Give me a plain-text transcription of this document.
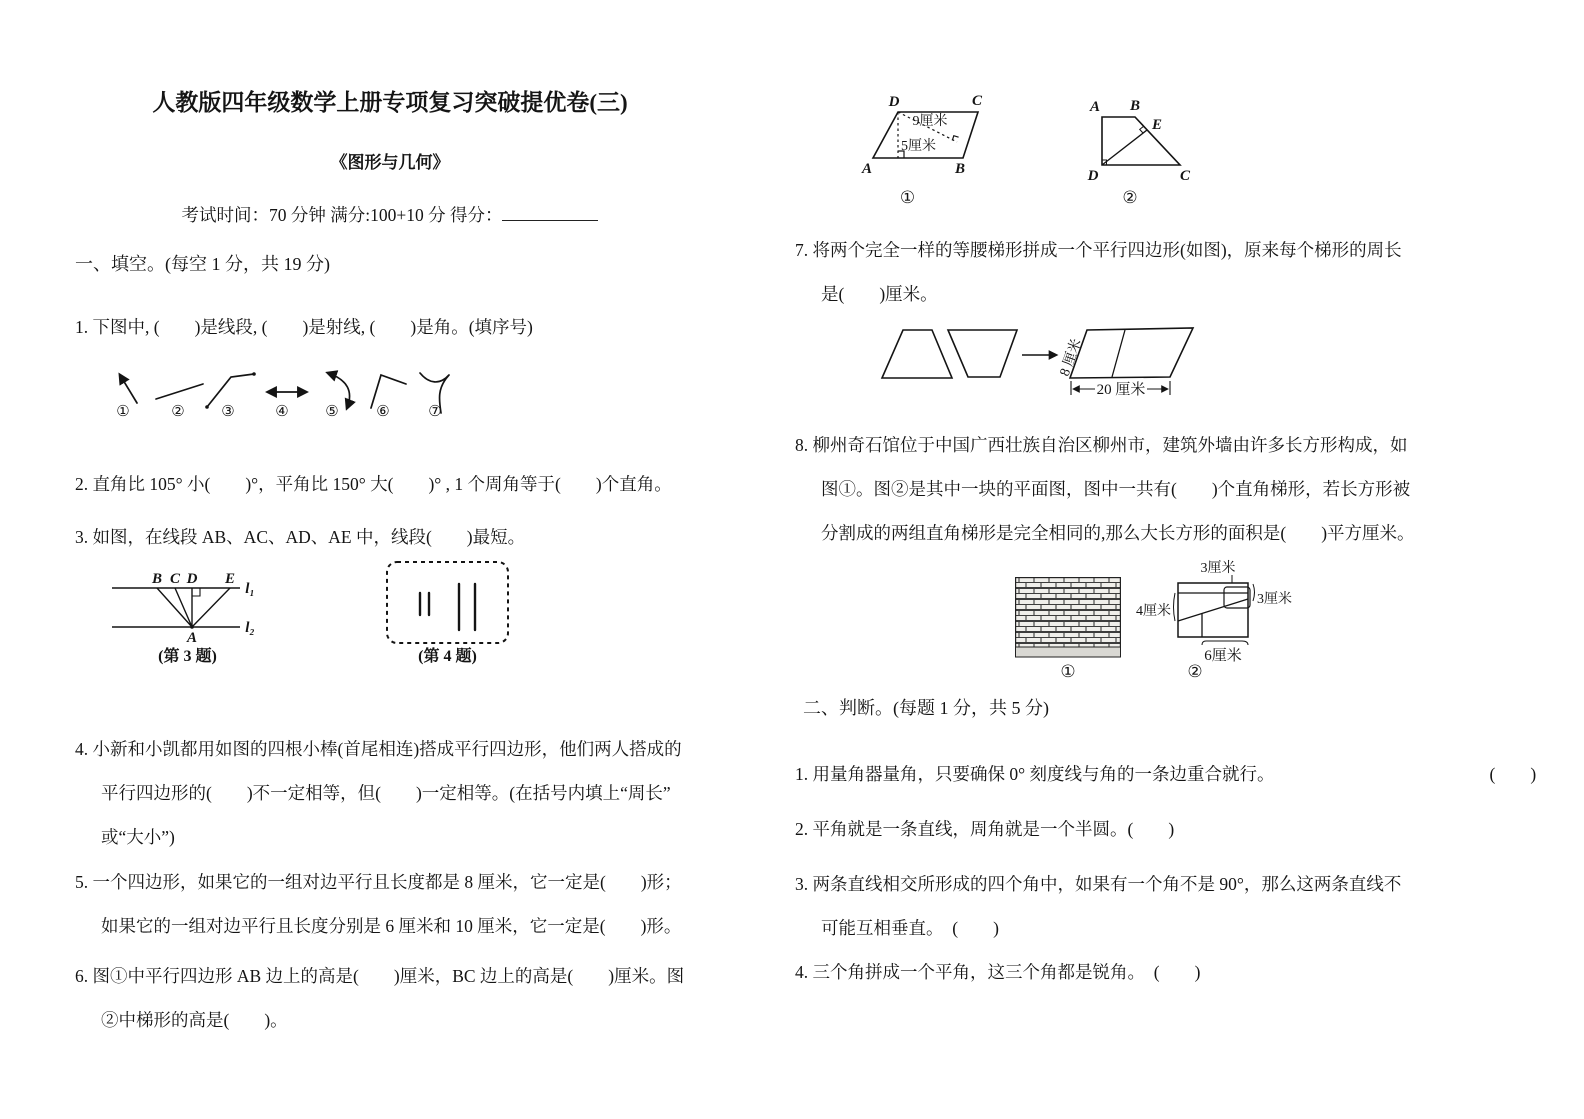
人教版四年级数学上册专项复习突破提优卷(三)
《图形与几何》
考试时间：70 分钟 满分:100+10 分 得分：
一、填空。(每空 1 分，共 19 分)
1. 下图中, (　　)是线段, (　　)是射线, (　　)是角。(填序号)
①	② ③	④ ⑤	⑥	⑦
2. 直角比 105° 小(　　)°，平角比 150° 大(　　)° , 1 个周角等于(　　)个直角。
3. 如图，在线段 AB、AC、AD、AE 中，线段(　　)最短。
B C D E
A
l₁
l₂
(第 3 题)	(第 4 题)
4. 小新和小凯都用如图的四根小棒(首尾相连)搭成平行四边形，他们两人搭成的
平行四边形的(　　)不一定相等，但(　　)一定相等。(在括号内填上“周长”
或“大小”)
5. 一个四边形，如果它的一组对边平行且长度都是 8 厘米，它一定是(　　)形；
如果它的一组对边平行且长度分别是 6 厘米和 10 厘米，它一定是(　　)形。
6. 图①中平行四边形 AB 边上的高是(　　)厘米，BC 边上的高是(　　)厘米。图
②中梯形的高是(　　)。
D	C
A	B
9厘米
5厘米
①
A B
E
D	C
②
7. 将两个完全一样的等腰梯形拼成一个平行四边形(如图)，原来每个梯形的周长
是(　　)厘米。
20 厘米
8 厘米
8. 柳州奇石馆位于中国广西壮族自治区柳州市，建筑外墙由许多长方形构成，如
图①。图②是其中一块的平面图，图中一共有(　　)个直角梯形，若长方形被
分割成的两组直角梯形是完全相同的,那么大长方形的面积是(　　)平方厘米。
①
3厘米
3厘米
4厘米
6厘米
②
二、判断。(每题 1 分，共 5 分)
1. 用量角器量角，只要确保 0° 刻度线与角的一条边重合就行。	(　　)
2. 平角就是一条直线，周角就是一个半圆。(　　)
3. 两条直线相交所形成的四个角中，如果有一个角不是 90°，那么这两条直线不
可能互相垂直。　(　　)
4. 三个角拼成一个平角，这三个角都是锐角。　(　　)
